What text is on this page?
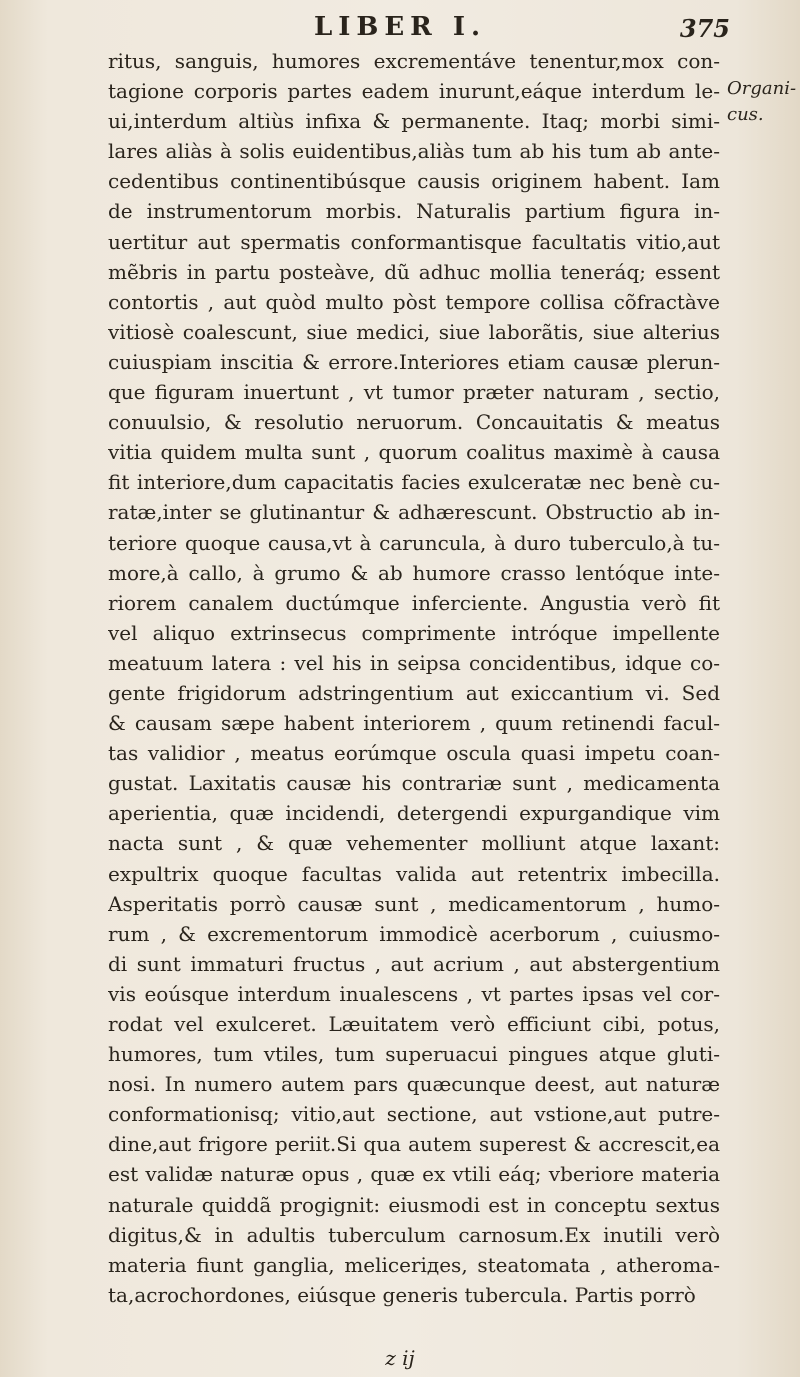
LIBER I.	375
Organi-
cus.
ritus, sanguis, humores excrementáve tenentur,mox con-
tagione corporis partes eadem inurunt,eáque interdum le-
ui,interdum altiùs infixa & permanente. Itaq; morbi simi-
lares aliàs à solis euidentibus,aliàs tum ab his tum ab ante-
cedentibus continentibúsque causis originem habent. Iam
de instrumentorum morbis. Naturalis partium figura in-
uertitur aut spermatis conformantisque facultatis vitio,aut
mẽbris in partu posteàve, dũ adhuc mollia teneráq; essent
contortis , aut quòd multo pòst tempore collisa cõfractàve
vitiosè coalescunt, siue medici, siue laborãtis, siue alterius
cuiuspiam inscitia & errore.Interiores etiam causæ plerun-
que figuram inuertunt , vt tumor præter naturam , sectio,
conuulsio, & resolutio neruorum. Concauitatis & meatus
vitia quidem multa sunt , quorum coalitus maximè à causa
fit interiore,dum capacitatis facies exulceratæ nec benè cu-
ratæ,inter se glutinantur & adhærescunt. Obstructio ab in-
teriore quoque causa,vt à caruncula, à duro tuberculo,à tu-
more,à callo, à grumo & ab humore crasso lentóque inte-
riorem canalem ductúmque inferciente. Angustia verò fit
vel aliquo extrinsecus comprimente intróque impellente
meatuum latera : vel his in seipsa concidentibus, idque co-
gente frigidorum adstringentium aut exiccantium vi. Sed
& causam sæpe habent interiorem , quum retinendi facul-
tas validior , meatus eorúmque oscula quasi impetu coan-
gustat. Laxitatis causæ his contrariæ sunt , medicamenta
aperientia, quæ incidendi, detergendi expurgandique vim
nacta sunt , & quæ vehementer molliunt atque laxant:
expultrix quoque facultas valida aut retentrix imbecilla.
Asperitatis porrò causæ sunt , medicamentorum , humo-
rum , & excrementorum immodicè acerborum , cuiusmo-
di sunt immaturi fructus , aut acrium , aut abstergentium
vis eoúsque interdum inualescens , vt partes ipsas vel cor-
rodat vel exulceret. Læuitatem verò efficiunt cibi, potus,
humores, tum vtiles, tum superuacui pingues atque gluti-
nosi. In numero autem pars quæcunque deest, aut naturæ
conformationisq; vitio,aut sectione, aut vstione,aut putre-
dine,aut frigore periit.Si qua autem superest & accrescit,ea
est validæ naturæ opus , quæ ex vtili eáq; vberiore materia
naturale quiddã progignit: eiusmodi est in conceptu sextus
digitus,& in adultis tuberculum carnosum.Ex inutili verò
materia fiunt ganglia, meliceriдes, steatomata , atheroma-
ta,acrochordones, eiúsque generis tubercula. Partis porrò
z ij
